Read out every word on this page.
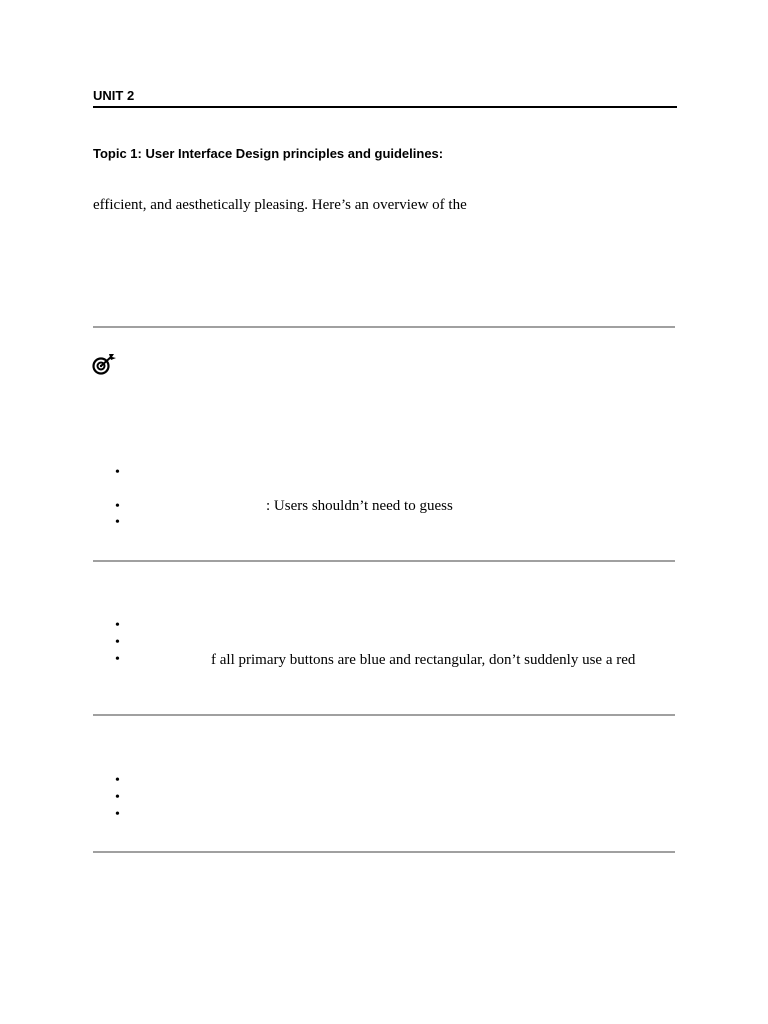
UNIT 2
Topic 1: User Interface Design principles and guidelines:
efficient, and aesthetically pleasing. Here’s an overview of the
•
•	: Users shouldn’t need to guess
•
•
•
•	f all primary buttons are blue and rectangular, don’t suddenly use a red
•
•
•
